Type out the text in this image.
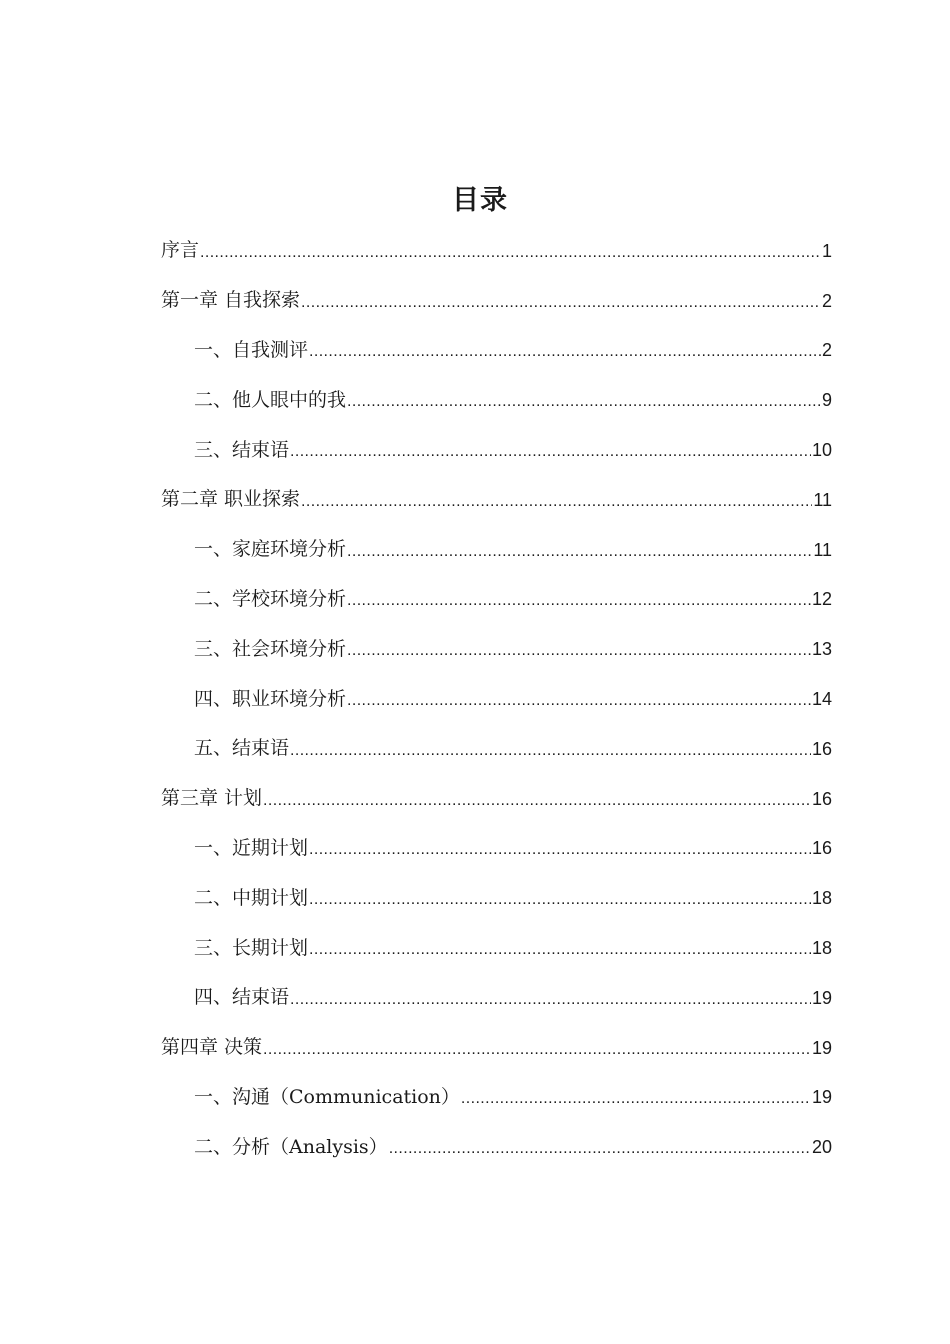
目录
序言 .....	1
第一章 自我探索 .....	2
一、自我测评 .....	2
二、他人眼中的我 .....	9
三、结束语 .....	10
第二章 职业探索 .....	11
一、家庭环境分析 .....	11
二、学校环境分析 .....	12
三、社会环境分析 .....	13
四、职业环境分析 .....	14
五、结束语 .....	16
第三章 计划 .....	16
一、近期计划 .....	16
二、中期计划 .....	18
三、长期计划 .....	18
四、结束语 .....	19
第四章 决策 .....	19
一、沟通（Communication） .....	19
二、分析（Analysis） .....	20
